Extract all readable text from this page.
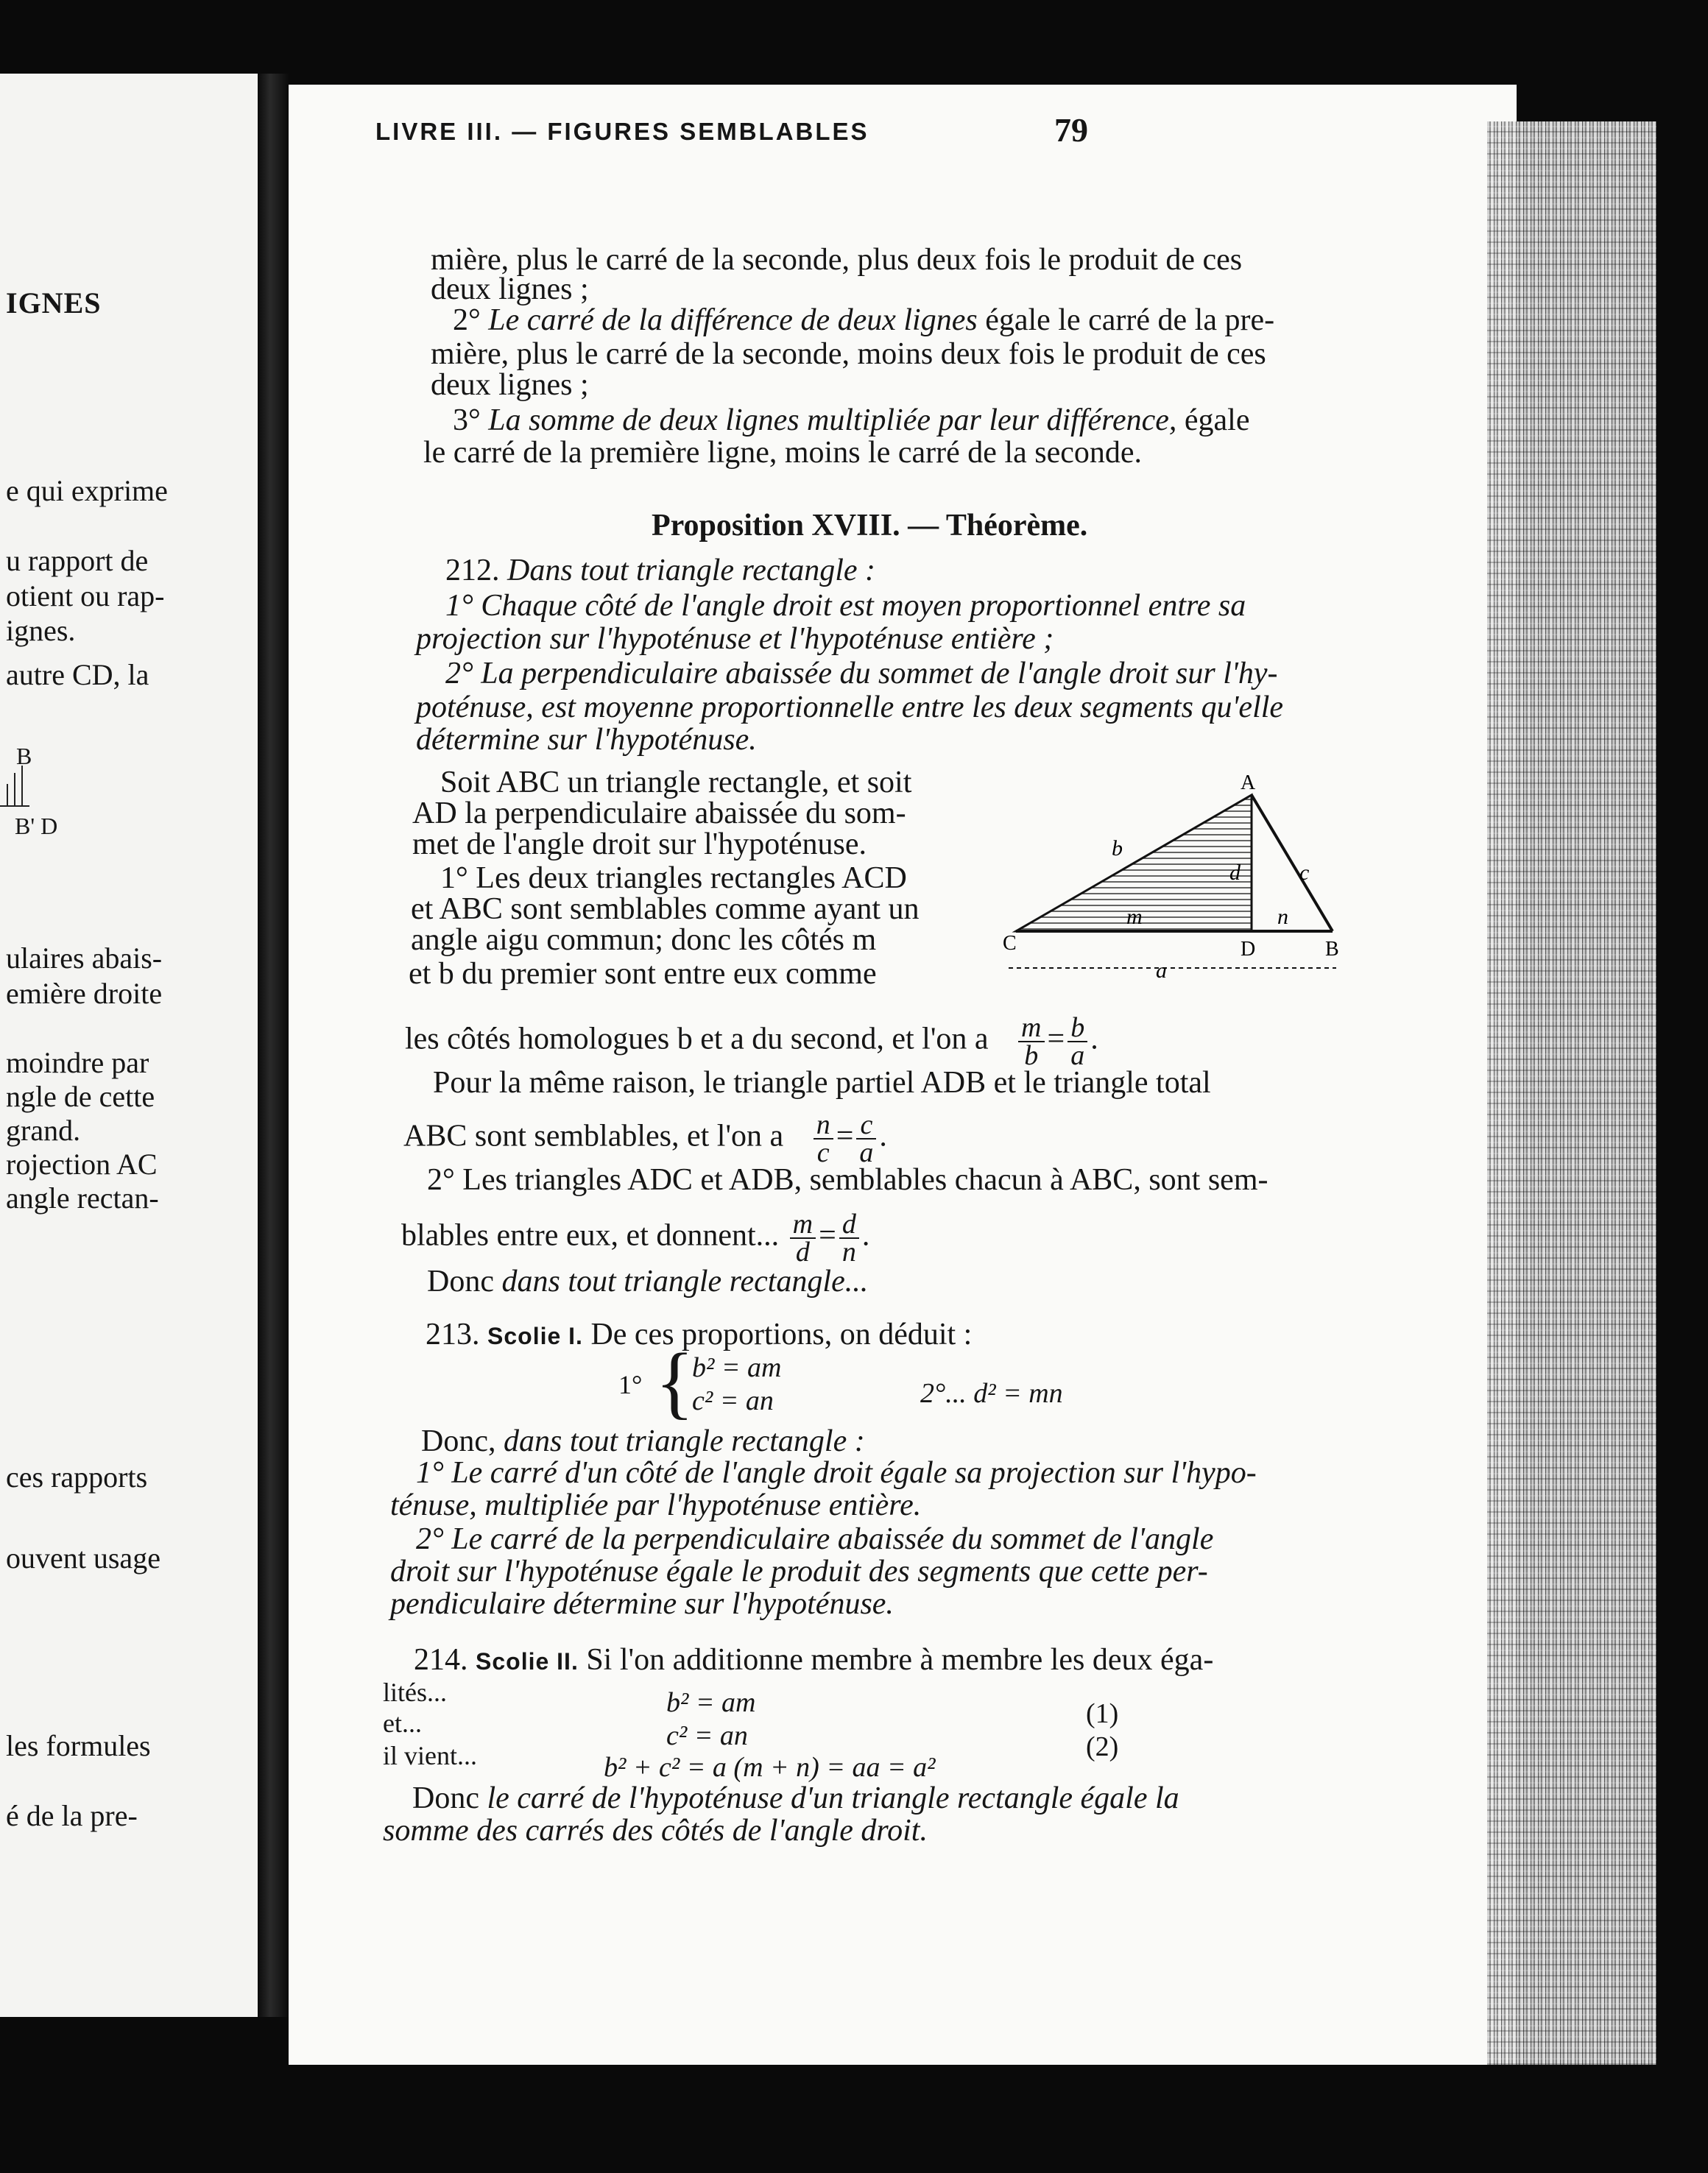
IGNES
e qui exprime
u rapport de
otient ou rap-
ignes.
autre CD, la
B
B' D
ulaires abais-
emière droite
moindre par
ngle de cette
grand.
rojection AC
angle rectan-
ces rapports
ouvent usage
les formules
é de la pre-
LIVRE III. — FIGURES SEMBLABLES	79
mière, plus le carré de la seconde, plus deux fois le produit de ces
deux lignes ;
2° Le carré de la différence de deux lignes égale le carré de la pre-
mière, plus le carré de la seconde, moins deux fois le produit de ces
deux lignes ;
3° La somme de deux lignes multipliée par leur différence, égale
le carré de la première ligne, moins le carré de la seconde.
Proposition XVIII. — Théorème.
212. Dans tout triangle rectangle :
1° Chaque côté de l'angle droit est moyen proportionnel entre sa
projection sur l'hypoténuse et l'hypoténuse entière ;
2° La perpendiculaire abaissée du sommet de l'angle droit sur l'hy-
poténuse, est moyenne proportionnelle entre les deux segments qu'elle
détermine sur l'hypoténuse.
Soit ABC un triangle rectangle, et soit
AD la perpendiculaire abaissée du som-
met de l'angle droit sur l'hypoténuse.
1° Les deux triangles rectangles ACD
et ABC sont semblables comme ayant un
angle aigu commun; donc les côtés m
et b du premier sont entre eux comme
A
C	D	B
b
c
d
m	n
a
les côtés homologues b et a du second, et l'on a $\frac{m}{b} = \frac{b}{a}$ .
Pour la même raison, le triangle partiel ADB et le triangle total
ABC sont semblables, et l'on a $\frac{n}{c} = \frac{c}{a}$ .
2° Les triangles ADC et ADB, semblables chacun à ABC, sont sem-
blables entre eux, et donnent... $\frac{m}{d} = \frac{d}{n}$ .
Donc dans tout triangle rectangle...
213. Scolie I. De ces proportions, on déduit :
1° {
b² = am
c² = an	2°... d² = mn
Donc, dans tout triangle rectangle :
1° Le carré d'un côté de l'angle droit égale sa projection sur l'hypo-
ténuse, multipliée par l'hypoténuse entière.
2° Le carré de la perpendiculaire abaissée du sommet de l'angle
droit sur l'hypoténuse égale le produit des segments que cette per-
pendiculaire détermine sur l'hypoténuse.
214. Scolie II. Si l'on additionne membre à membre les deux éga-
lités...	b² = am	(1)
et...	c² = an	(2)
il vient...	b² + c² = a (m + n) = aa = a²
Donc le carré de l'hypoténuse d'un triangle rectangle égale la
somme des carrés des côtés de l'angle droit.
